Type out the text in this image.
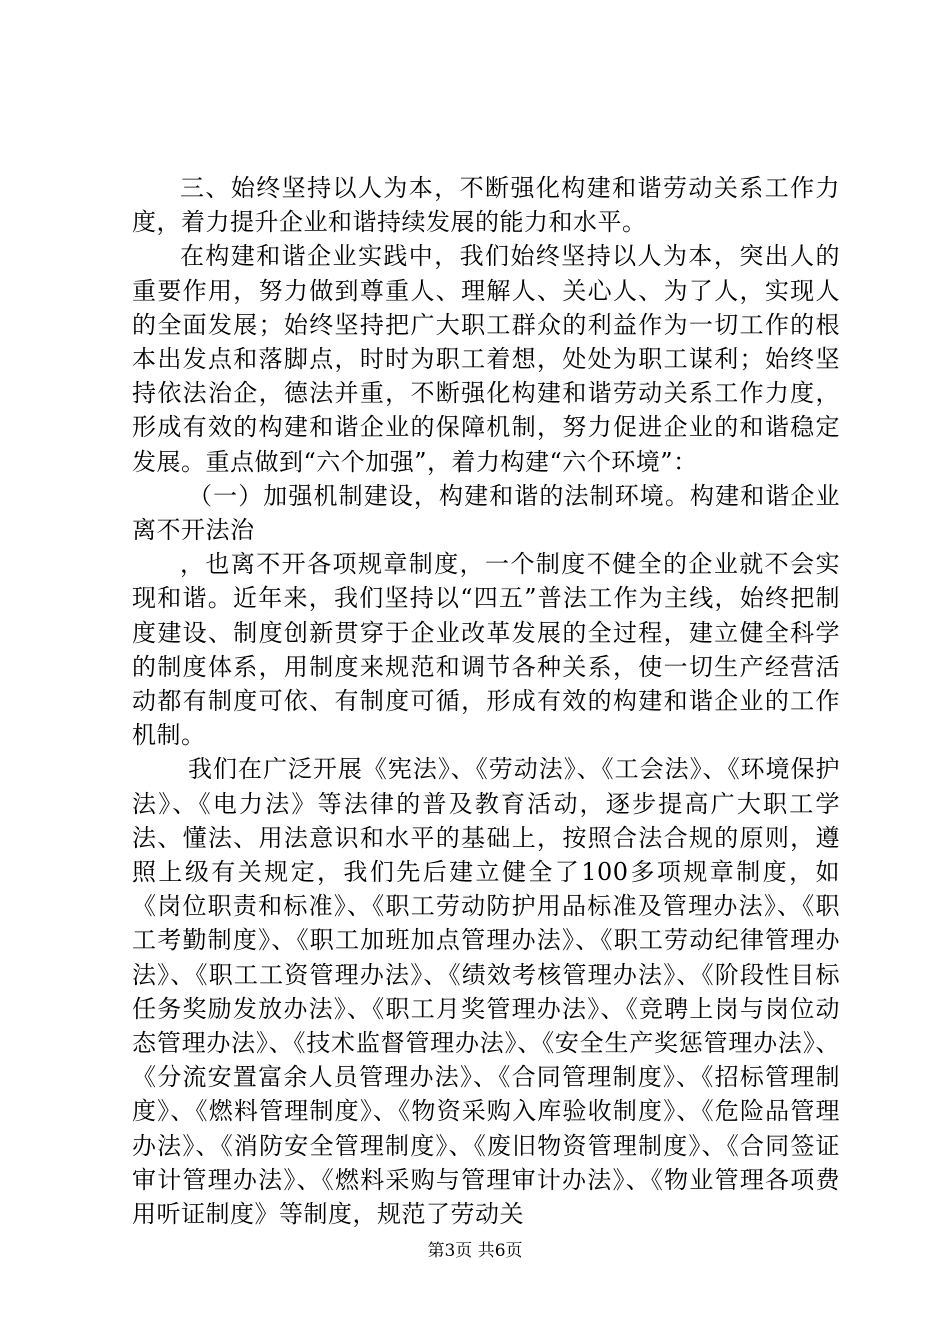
三、始终坚持以人为本，不断强化构建和谐劳动关系工作力度，着力提升企业和谐持续发展的能力和水平。

在构建和谐企业实践中，我们始终坚持以人为本，突出人的重要作用，努力做到尊重人、理解人、关心人、为了人，实现人的全面发展；始终坚持把广大职工群众的利益作为一切工作的根本出发点和落脚点，时时为职工着想，处处为职工谋利；始终坚持依法治企，德法并重，不断强化构建和谐劳动关系工作力度，形成有效的构建和谐企业的保障机制，努力促进企业的和谐稳定发展。重点做到“六个加强”，着力构建“六个环境”：

（一）加强机制建设，构建和谐的法制环境。构建和谐企业离不开法治

，也离不开各项规章制度，一个制度不健全的企业就不会实现和谐。近年来，我们坚持以“四五”普法工作为主线，始终把制度建设、制度创新贯穿于企业改革发展的全过程，建立健全科学的制度体系，用制度来规范和调节各种关系，使一切生产经营活动都有制度可依、有制度可循，形成有效的构建和谐企业的工作机制。

我们在广泛开展《宪法》、《劳动法》、《工会法》、《环境保护法》、《电力法》等法律的普及教育活动，逐步提高广大职工学法、懂法、用法意识和水平的基础上，按照合法合规的原则，遵照上级有关规定，我们先后建立健全了100多项规章制度，如《岗位职责和标准》、《职工劳动防护用品标准及管理办法》、《职工考勤制度》、《职工加班加点管理办法》、《职工劳动纪律管理办法》、《职工工资管理办法》、《绩效考核管理办法》、《阶段性目标任务奖励发放办法》、《职工月奖管理办法》、《竞聘上岗与岗位动态管理办法》、《技术监督管理办法》、《安全生产奖惩管理办法》、《分流安置富余人员管理办法》、《合同管理制度》、《招标管理制度》、《燃料管理制度》、《物资采购入库验收制度》、《危险品管理办法》、《消防安全管理制度》、《废旧物资管理制度》、《合同签证审计管理办法》、《燃料采购与管理审计办法》、《物业管理各项费用听证制度》等制度，规范了劳动关

第3页 共6页
